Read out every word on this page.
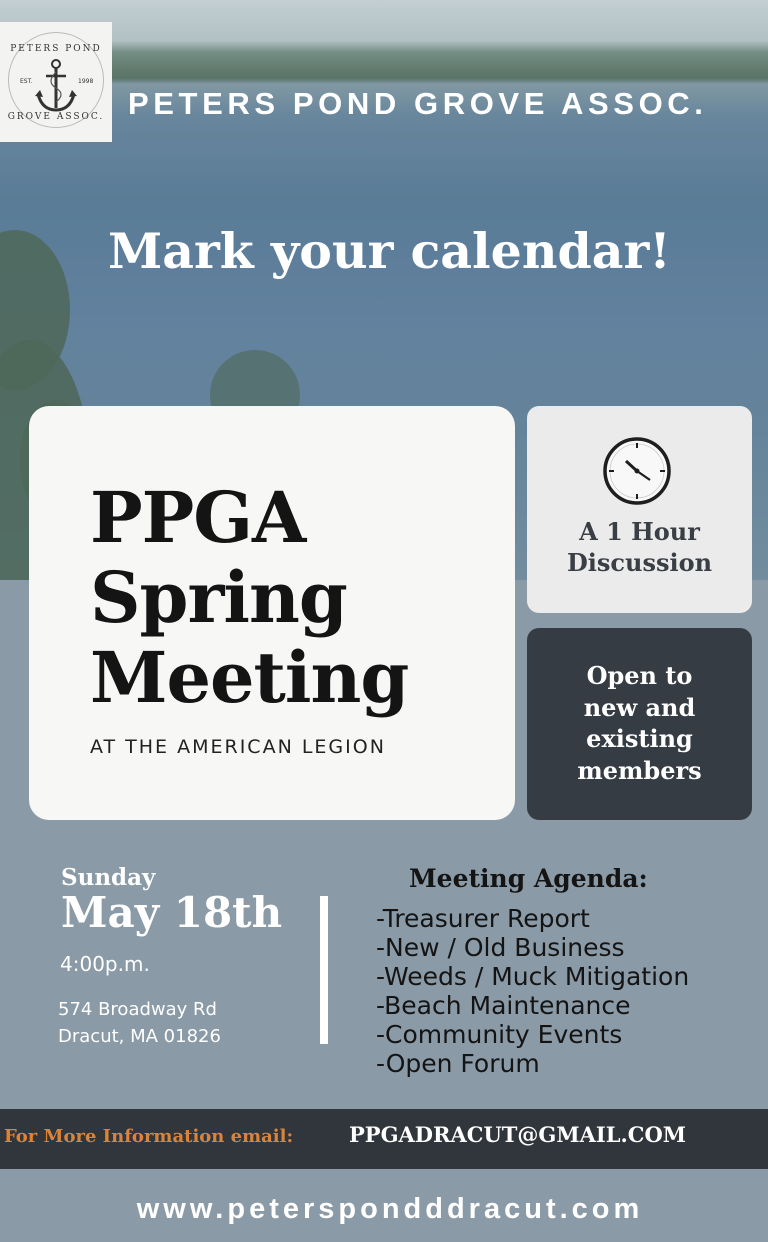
PETERS POND
EST.	1998
GROVE ASSOC. PETERS POND GROVE ASSOC.
Mark your calendar!
PPGA
Spring
Meeting
AT THE AMERICAN LEGION
A 1 Hour
Discussion
Open to
new and
existing
members
Sunday
May 18th
4:00p.m.
574 Broadway Rd
Dracut, MA 01826
Meeting Agenda:
-Treasurer Report
-New / Old Business
-Weeds / Muck Mitigation
-Beach Maintenance
-Community Events
-Open Forum
For More Information email:	PPGADRACUT@GMAIL.COM
www.peterspondddracut.com
